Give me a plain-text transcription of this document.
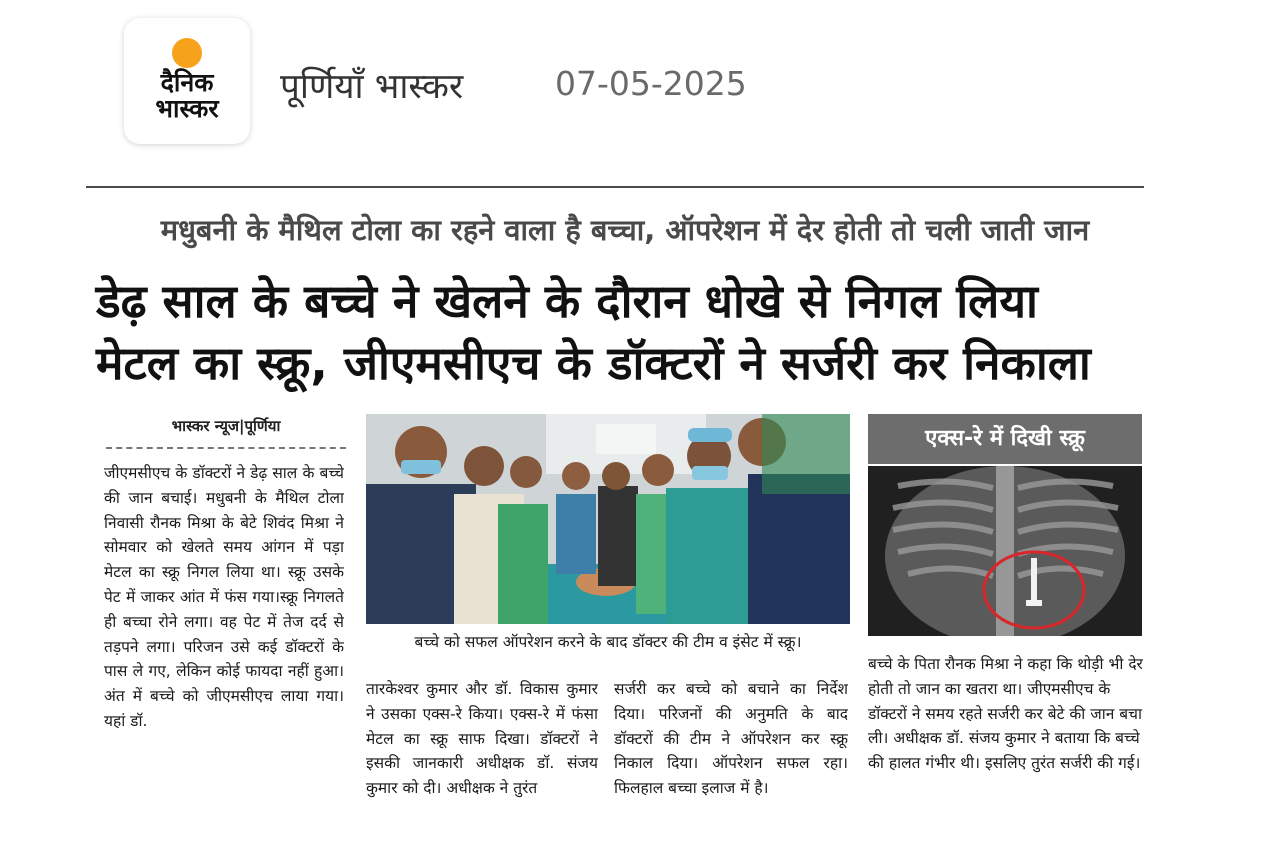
दैनिक
भास्कर
पूर्णियाँ भास्कर	07-05-2025
मधुबनी के मैथिल टोला का रहने वाला है बच्चा, ऑपरेशन में देर होती तो चली जाती जान
डेढ़ साल के बच्चे ने खेलने के दौरान धोखे से निगल लिया
मेटल का स्क्रू, जीएमसीएच के डॉक्टरों ने सर्जरी कर निकाला
भास्कर न्यूज|पूर्णिया

जीएमसीएच के डॉक्टरों ने डेढ़ साल के बच्चे की जान बचाई। मधुबनी के मैथिल टोला निवासी रौनक मिश्रा के बेटे शिवंद मिश्रा ने सोमवार को खेलते समय आंगन में पड़ा मेटल का स्क्रू निगल लिया था। स्क्रू उसके पेट में जाकर आंत में फंस गया।स्क्रू निगलते ही बच्चा रोने लगा। वह पेट में तेज दर्द से तड़पने लगा। परिजन उसे कई डॉक्टरों के पास ले गए, लेकिन कोई फायदा नहीं हुआ। अंत में बच्चे को जीएमसीएच लाया गया। यहां डॉ.

बच्चे को सफल ऑपरेशन करने के बाद डॉक्टर की टीम व इंसेट में स्क्रू।
एक्स-रे में दिखी स्क्रू

तारकेश्वर कुमार और डॉ. विकास कुमार ने उसका एक्स-रे किया। एक्स-रे में फंसा मेटल का स्क्रू साफ दिखा। डॉक्टरों ने इसकी जानकारी अधीक्षक डॉ. संजय कुमार को दी। अधीक्षक ने तुरंत

सर्जरी कर बच्चे को बचाने का निर्देश दिया। परिजनों की अनुमति के बाद डॉक्टरों की टीम ने ऑपरेशन कर स्क्रू निकाल दिया। ऑपरेशन सफल रहा। फिलहाल बच्चा इलाज में है।

बच्चे के पिता रौनक मिश्रा ने कहा कि थोड़ी भी देर होती तो जान का खतरा था। जीएमसीएच के डॉक्टरों ने समय रहते सर्जरी कर बेटे की जान बचा ली। अधीक्षक डॉ. संजय कुमार ने बताया कि बच्चे की हालत गंभीर थी। इसलिए तुरंत सर्जरी की गई।
